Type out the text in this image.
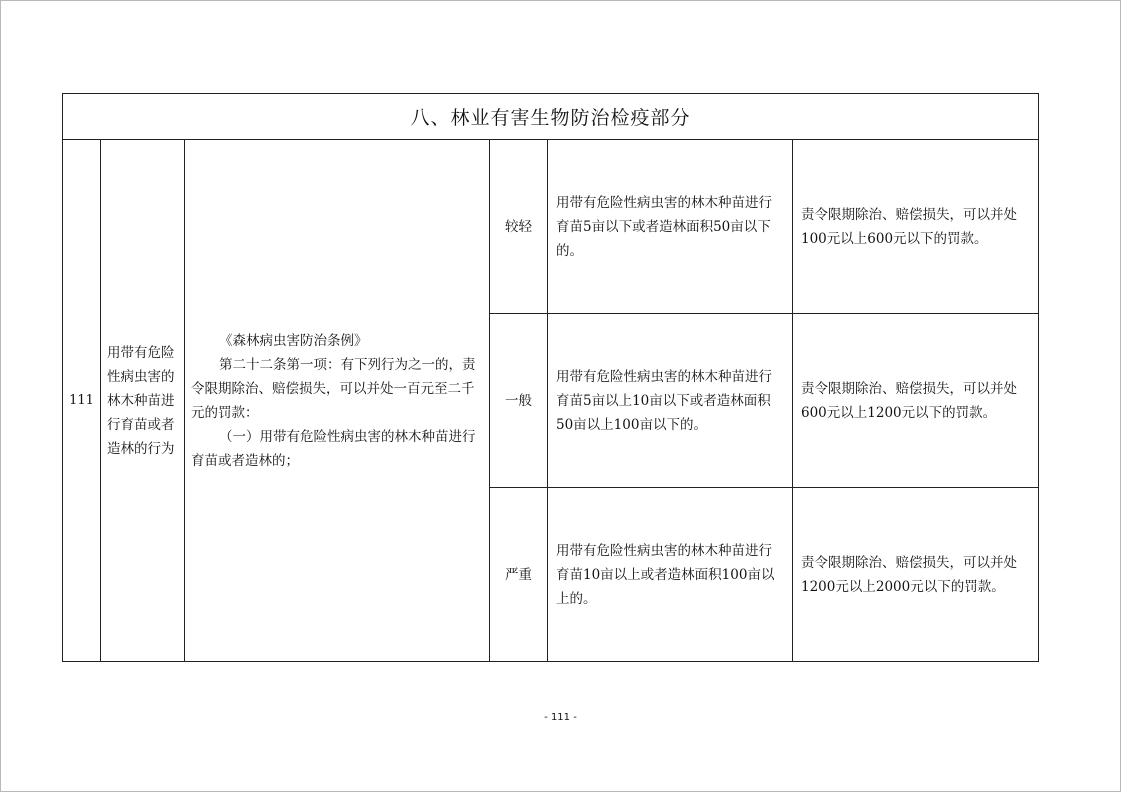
八、林业有害生物防治检疫部分					
111	用带有危险性病虫害的林木种苗进行育苗或者造林的行为	《森林病虫害防治条例》
第二十二条第一项：有下列行为之一的，责令限期除治、赔偿损失，可以并处一百元至二千元的罚款：
（一）用带有危险性病虫害的林木种苗进行育苗或者造林的；	较轻	用带有危险性病虫害的林木种苗进行育苗5亩以下或者造林面积50亩以下的。	责令限期除治、赔偿损失，可以并处100元以上600元以下的罚款。
			一般	用带有危险性病虫害的林木种苗进行育苗5亩以上10亩以下或者造林面积50亩以上100亩以下的。	责令限期除治、赔偿损失，可以并处600元以上1200元以下的罚款。
			严重	用带有危险性病虫害的林木种苗进行育苗10亩以上或者造林面积100亩以上的。	责令限期除治、赔偿损失，可以并处1200元以上2000元以下的罚款。
- 111 -
